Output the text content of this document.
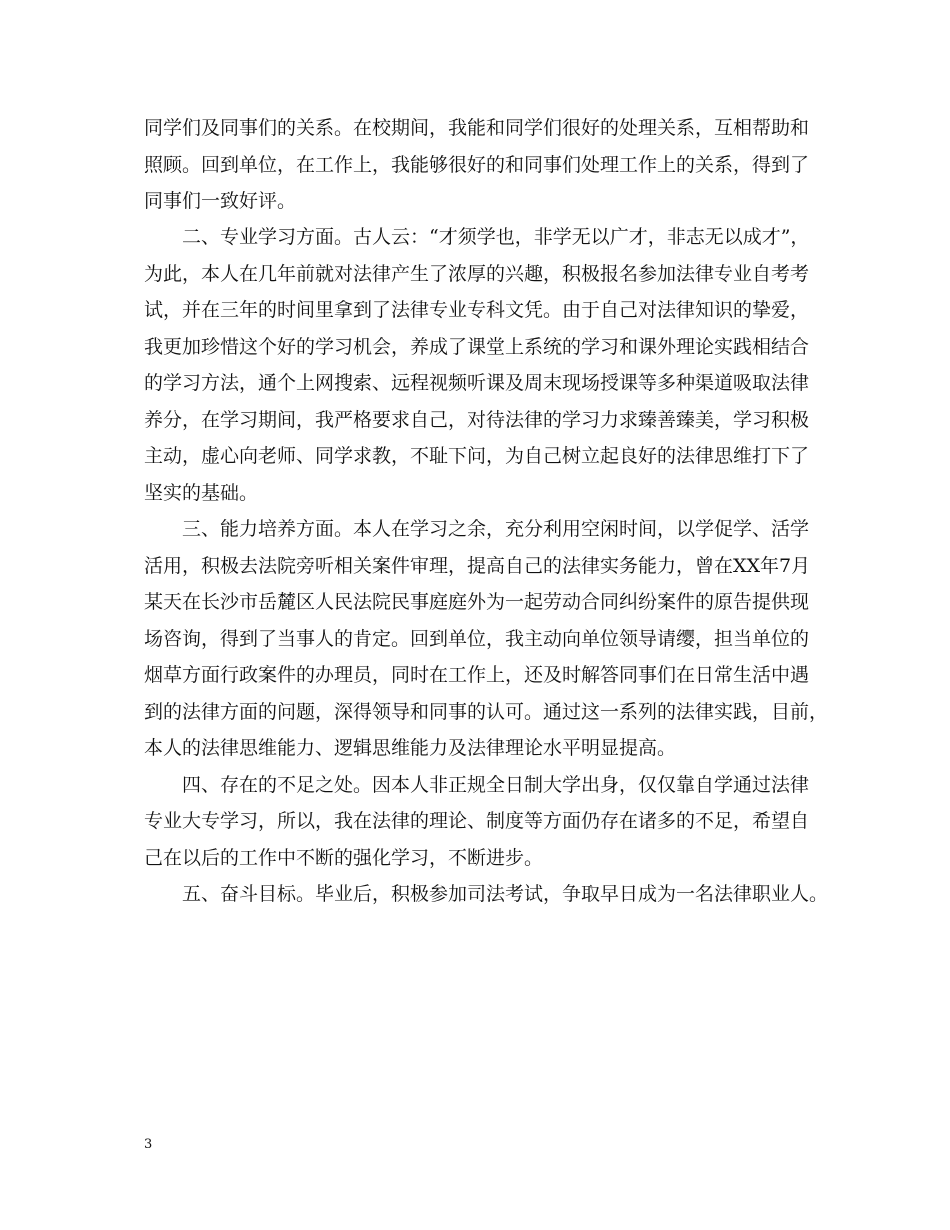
同学们及同事们的关系。在校期间，我能和同学们很好的处理关系，互相帮助和
照顾。回到单位，在工作上，我能够很好的和同事们处理工作上的关系，得到了
同事们一致好评。
二、专业学习方面。古人云：“才须学也，非学无以广才，非志无以成才”，
为此，本人在几年前就对法律产生了浓厚的兴趣，积极报名参加法律专业自考考
试，并在三年的时间里拿到了法律专业专科文凭。由于自己对法律知识的挚爱，
我更加珍惜这个好的学习机会，养成了课堂上系统的学习和课外理论实践相结合
的学习方法，通个上网搜索、远程视频听课及周末现场授课等多种渠道吸取法律
养分，在学习期间，我严格要求自己，对待法律的学习力求臻善臻美，学习积极
主动，虚心向老师、同学求教，不耻下问，为自己树立起良好的法律思维打下了
坚实的基础。
三、能力培养方面。本人在学习之余，充分利用空闲时间，以学促学、活学
活用，积极去法院旁听相关案件审理，提高自己的法律实务能力，曾在XX年7月
某天在长沙市岳麓区人民法院民事庭庭外为一起劳动合同纠纷案件的原告提供现
场咨询，得到了当事人的肯定。回到单位，我主动向单位领导请缨，担当单位的
烟草方面行政案件的办理员，同时在工作上，还及时解答同事们在日常生活中遇
到的法律方面的问题，深得领导和同事的认可。通过这一系列的法律实践，目前，
本人的法律思维能力、逻辑思维能力及法律理论水平明显提高。
四、存在的不足之处。因本人非正规全日制大学出身，仅仅靠自学通过法律
专业大专学习，所以，我在法律的理论、制度等方面仍存在诸多的不足，希望自
己在以后的工作中不断的强化学习，不断进步。
五、奋斗目标。毕业后，积极参加司法考试，争取早日成为一名法律职业人。
3
